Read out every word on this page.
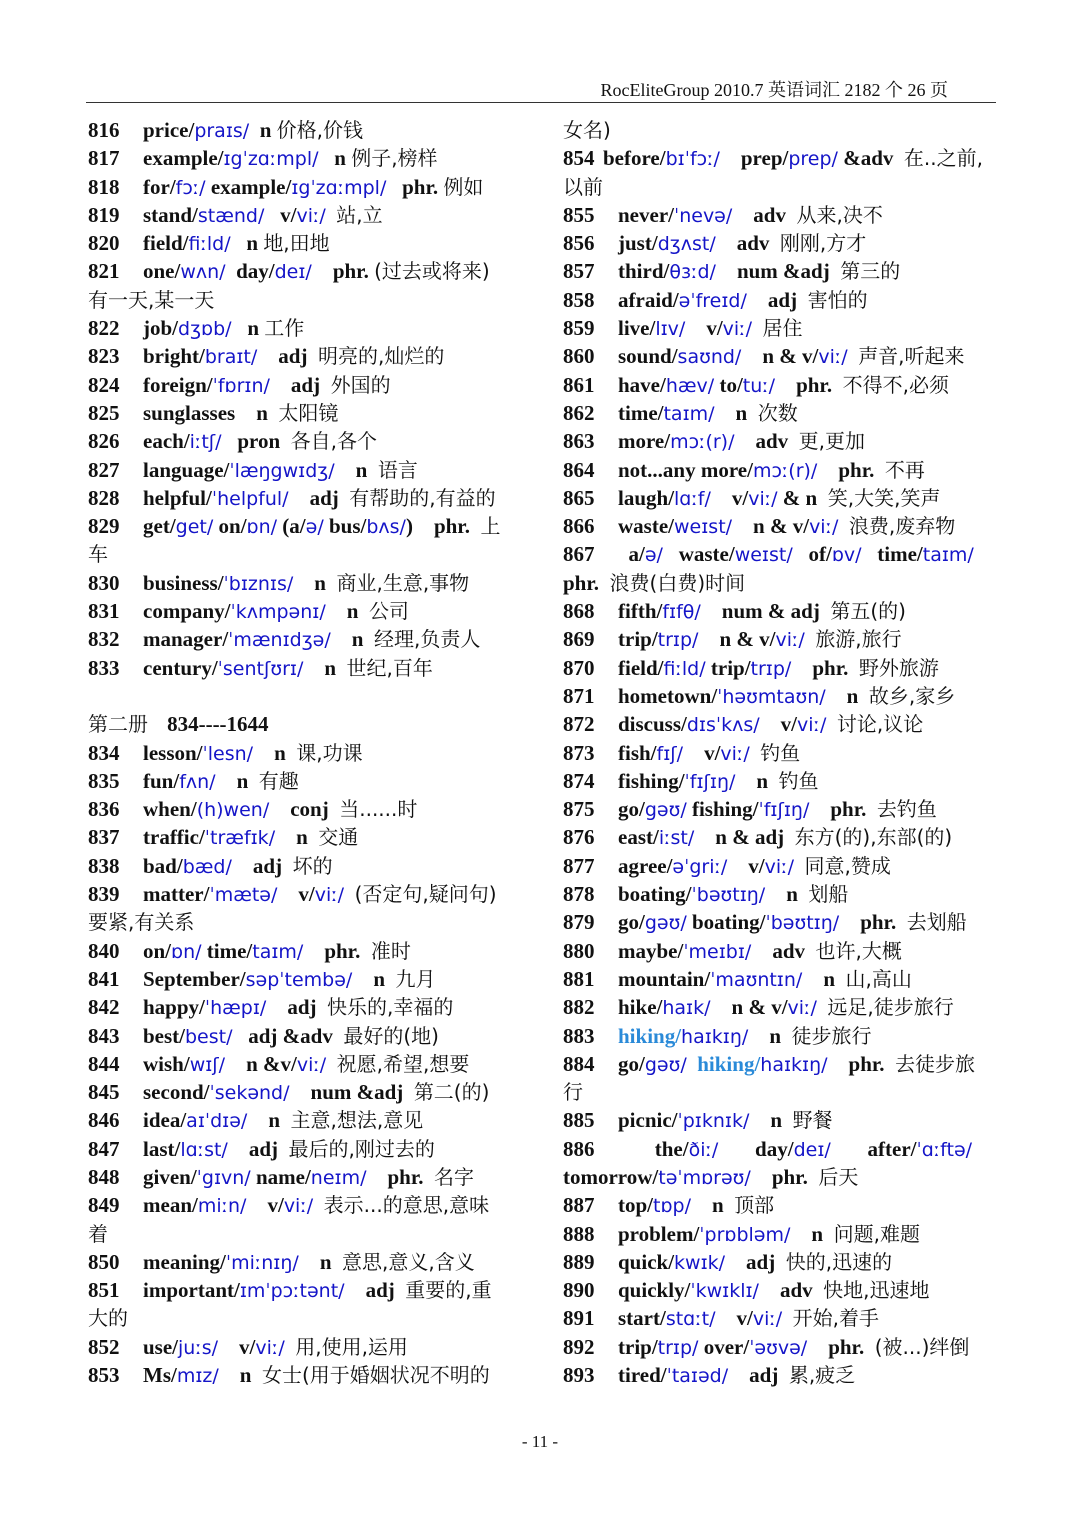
RocEliteGroup 2010.7 英语词汇 2182 个 26 页
816 price/praɪs/  n 价格,价钱
817 example/ɪgˈzɑːmpl/   n 例子,榜样
818 for/fɔː/ example/ɪgˈzɑːmpl/   phr. 例如
819 stand/stænd/   v/viː/ 站,立
820 field/fiːld/   n 地,田地
821 one/wʌn/  day/deɪ/    phr. (过去或将来)
有一天,某一天
822 job/dʒɒb/   n 工作
823 bright/braɪt/    adj  明亮的,灿烂的
824 foreign/ˈfɒrɪn/    adj  外国的
825 sunglasses    n  太阳镜
826 each/iːtʃ/   pron  各自,各个
827 language/ˈlæŋgwɪdʒ/    n  语言
828 helpful/ˈhelpful/    adj  有帮助的,有益的
829 get/get/ on/ɒn/ (a/ə/ bus/bʌs/)    phr.  上
车
830 business/ˈbɪznɪs/    n  商业,生意,事物
831 company/ˈkʌmpənɪ/    n  公司
832 manager/ˈmænɪdʒə/    n  经理,负责人
833 century/ˈsentʃʊrɪ/    n  世纪,百年
第二册   834----1644
834 lesson/ˈlesn/    n  课,功课
835 fun/fʌn/    n  有趣
836 when/(h)wen/    conj  当......时
837 traffic/ˈtræfɪk/    n  交通
838 bad/bæd/    adj  坏的
839 matter/ˈmætə/    v/viː/ (否定句,疑问句)
要紧,有关系
840 on/ɒn/ time/taɪm/    phr.  准时
841 September/səpˈtembə/    n  九月
842 happy/ˈhæpɪ/    adj  快乐的,幸福的
843 best/best/   adj &adv  最好的(地)
844 wish/wɪʃ/    n &v/viː/ 祝愿,希望,想要
845 second/ˈsekənd/    num &adj  第二(的)
846 idea/aɪˈdɪə/    n  主意,想法,意见
847 last/lɑːst/    adj  最后的,刚过去的
848 given/ˈgɪvn/ name/neɪm/    phr.  名字
849 mean/miːn/    v/viː/ 表示...的意思,意味
着
850 meaning/ˈmiːnɪŋ/    n  意思,意义,含义
851 important/ɪmˈpɔːtənt/    adj  重要的,重
大的
852 use/juːs/    v/viː/ 用,使用,运用
853 Ms/mɪz/    n  女士(用于婚姻状况不明的
女名)
854 before/bɪˈfɔː/    prep/prep/ &adv  在..之前,
以前
855 never/ˈnevə/    adv  从来,决不
856 just/dʒʌst/    adv  刚刚,方才
857 third/θɜːd/    num &adj  第三的
858 afraid/əˈfreɪd/    adj  害怕的
859 live/lɪv/    v/viː/ 居住
860 sound/saʊnd/    n & v/viː/ 声音,听起来
861 have/hæv/ to/tuː/    phr.  不得不,必须
862 time/taɪm/    n  次数
863 more/mɔː(r)/    adv  更,更加
864 not...any more/mɔː(r)/    phr.  不再
865 laugh/lɑːf/    v/viː/ & n  笑,大笑,笑声
866 waste/weɪst/    n & v/viː/ 浪费,废弃物
867  a/ə/   waste/weɪst/   of/ɒv/   time/taɪm/
phr.  浪费(白费)时间
868 fifth/fɪfθ/    num & adj  第五(的)
869 trip/trɪp/    n & v/viː/ 旅游,旅行
870 field/fiːld/ trip/trɪp/    phr.  野外旅游
871 hometown/ˈhəʊmtaʊn/    n  故乡,家乡
872 discuss/dɪsˈkʌs/    v/viː/ 讨论,议论
873 fish/fɪʃ/    v/viː/ 钓鱼
874 fishing/ˈfɪʃɪŋ/    n  钓鱼
875 go/gəʊ/ fishing/ˈfɪʃɪŋ/    phr.  去钓鱼
876 east/iːst/    n & adj  东方(的),东部(的)
877 agree/əˈgriː/    v/viː/ 同意,赞成
878 boating/ˈbəʊtɪŋ/    n  划船
879 go/gəʊ/ boating/ˈbəʊtɪŋ/    phr.  去划船
880 maybe/ˈmeɪbɪ/    adv  也许,大概
881 mountain/ˈmaʊntɪn/    n  山,高山
882 hike/haɪk/    n & v/viː/ 远足,徒步旅行
883 hiking/haɪkɪŋ/    n  徒步旅行
884 go/gəʊ/ hiking/haɪkɪŋ/    phr.  去徒步旅
行
885 picnic/ˈpɪknɪk/    n  野餐
886       the/ðiː/       day/deɪ/       after/ˈɑːftə/
tomorrow/təˈmɒrəʊ/    phr.  后天
887 top/tɒp/    n  顶部
888 problem/ˈprɒbləm/    n  问题,难题
889 quick/kwɪk/    adj  快的,迅速的
890 quickly/ˈkwɪklɪ/    adv  快地,迅速地
891 start/stɑːt/    v/viː/ 开始,着手
892 trip/trɪp/ over/ˈəʊvə/    phr.  (被...)绊倒
893 tired/ˈtaɪəd/    adj  累,疲乏
- 11 -
